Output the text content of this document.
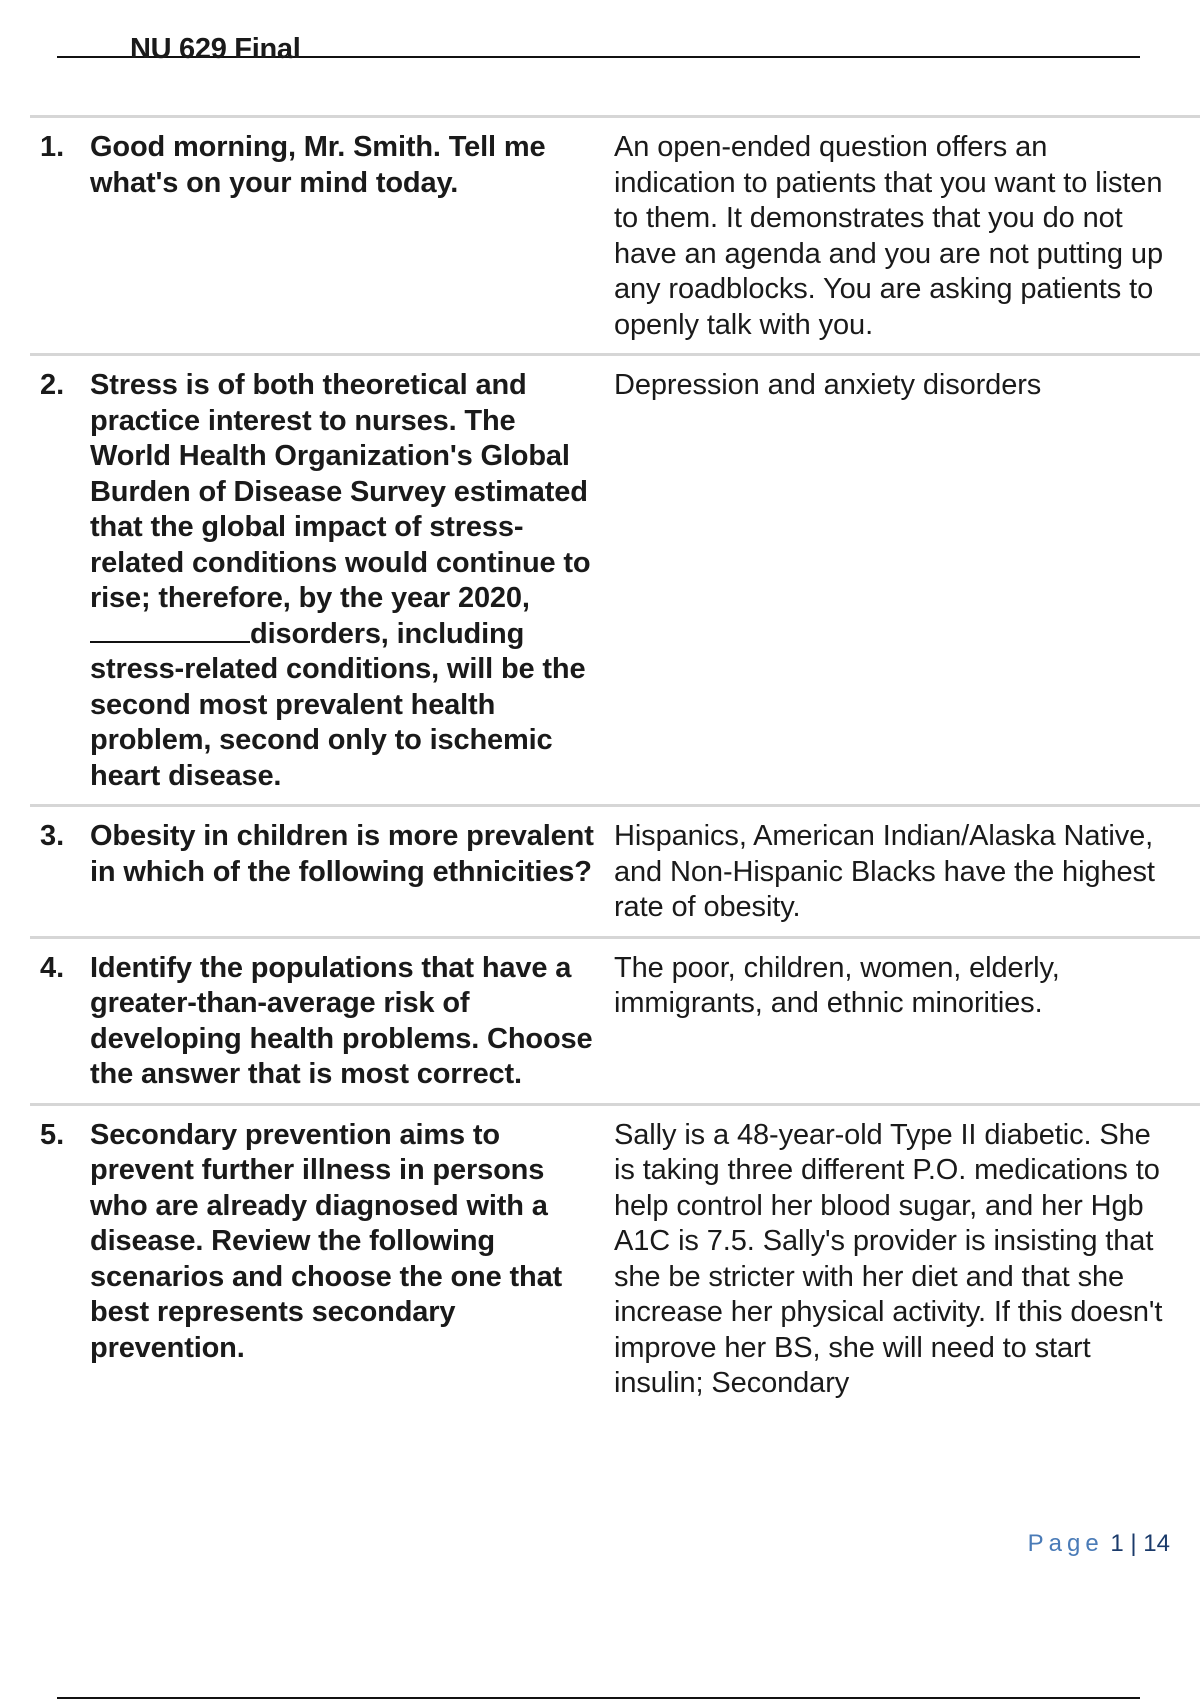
NU 629 Final
1. Good morning, Mr. Smith. Tell me what's on your mind today.
An open-ended question offers an indication to patients that you want to listen to them. It demonstrates that you do not have an agenda and you are not putting up any roadblocks. You are asking patients to openly talk with you.
2. Stress is of both theoretical and practice interest to nurses. The World Health Organization's Global Burden of Disease Survey estimated that the global impact of stress-related conditions would continue to rise; therefore, by the year 2020,disorders, including stress-related conditions, will be the second most prevalent health problem, second only to ischemic heart disease.
Depression and anxiety disorders
3. Obesity in children is more prevalent in which of the following ethnicities?
Hispanics, American Indian/Alaska Native, and Non-Hispanic Blacks have the highest rate of obesity.
4. Identify the populations that have a greater-than-average risk of developing health problems. Choose the answer that is most correct.
The poor, children, women, elderly, immigrants, and ethnic minorities.
5. Secondary prevention aims to prevent further illness in persons who are already diagnosed with a disease. Review the following scenarios and choose the one that best represents secondary prevention.
Sally is a 48-year-old Type II diabetic. She is taking three different P.O. medications to help control her blood sugar, and her Hgb A1C is 7.5. Sally's provider is insisting that she be stricter with her diet and that she increase her physical activity. If this doesn't improve her BS, she will need to start insulin; Secondary
Page 1 | 14
